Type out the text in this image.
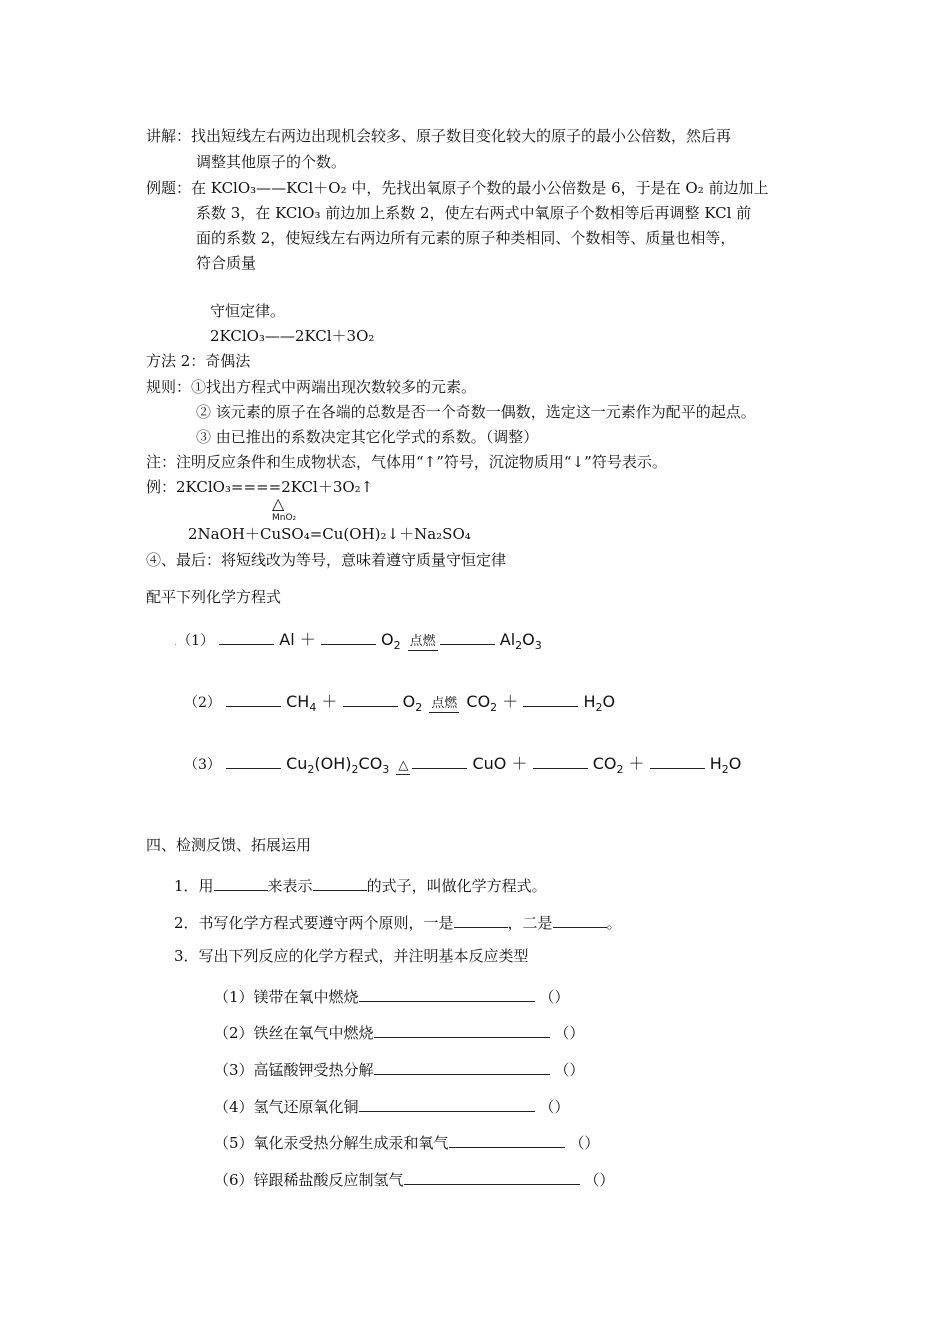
讲解：找出短线左右两边出现机会较多、原子数目变化较大的原子的最小公倍数，然后再
调整其他原子的个数。
例题：在 KClO₃——KCl＋O₂ 中，先找出氧原子个数的最小公倍数是 6，于是在 O₂ 前边加上
系数 3，在 KClO₃ 前边加上系数 2，使左右两式中氧原子个数相等后再调整 KCl 前
面的系数 2，使短线左右两边所有元素的原子种类相同、个数相等、质量也相等，
符合质量
守恒定律。
2KClO₃——2KCl＋3O₂
方法 2：奇偶法
规则：①找出方程式中两端出现次数较多的元素。
② 该元素的原子在各端的总数是否一个奇数一偶数，选定这一元素作为配平的起点。
③ 由已推出的系数决定其它化学式的系数。（调整）
注：注明反应条件和生成物状态，气体用“↑”符号，沉淀物质用“↓”符号表示。
例：2KClO₃====2KCl＋3O₂↑
△
MnO₂
2NaOH＋CuSO₄=Cu(OH)₂↓＋Na₂SO₄
④、最后：将短线改为等号，意味着遵守质量守恒定律
配平下列化学方程式
.（1）	Al ＋	$O_2$ 点燃	$Al_2O_3$
（2）	$CH_4$ ＋	$O_2$ 点燃 $CO_2$ ＋	$H_2O$
（3）	$Cu_2(OH)_2CO_3$ △	CuO ＋	$CO_2$ ＋	$H_2O$
四、检测反馈、拓展运用
1．用	来表示	的式子，叫做化学方程式。
2．书写化学方程式要遵守两个原则，一是	，二是	。
3．写出下列反应的化学方程式，并注明基本反应类型
（1）镁带在氧中燃烧	（）
（2）铁丝在氧气中燃烧	（）
（3）高锰酸钾受热分解	（）
（4）氢气还原氧化铜	（）
（5）氧化汞受热分解生成汞和氧气	（）
（6）锌跟稀盐酸反应制氢气	（）
